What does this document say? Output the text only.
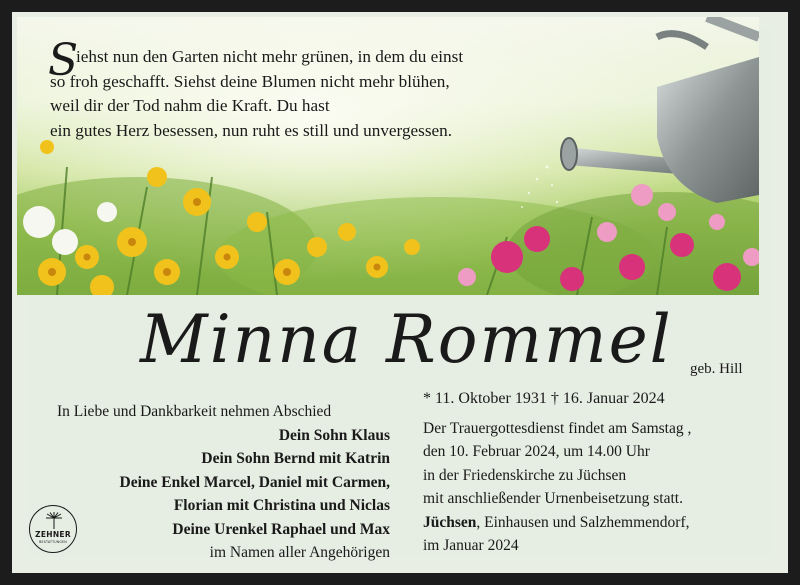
S
iehst nun den Garten nicht mehr grünen, in dem du einst
so froh geschafft. Siehst deine Blumen nicht mehr blühen,
weil dir der Tod nahm die Kraft. Du hast
ein gutes Herz besessen, nun ruht es still und unvergessen.
Minna Rommel geb. Hill
In Liebe und Dankbarkeit nehmen Abschied
Dein Sohn Klaus
Dein Sohn Bernd mit Katrin
Deine Enkel Marcel, Daniel mit Carmen,
Florian mit Christina und Niclas
Deine Urenkel Raphael und Max
im Namen aller Angehörigen
* 11. Oktober 1931 † 16. Januar 2024
Der Trauergottesdienst findet am Samstag ,
den 10. Februar 2024, um 14.00 Uhr
in der Friedenskirche zu Jüchsen
mit anschließender Urnenbeisetzung statt.
Jüchsen, Einhausen und Salzhemmendorf,
im Januar 2024
ZEHNER
BESTATTUNGEN
